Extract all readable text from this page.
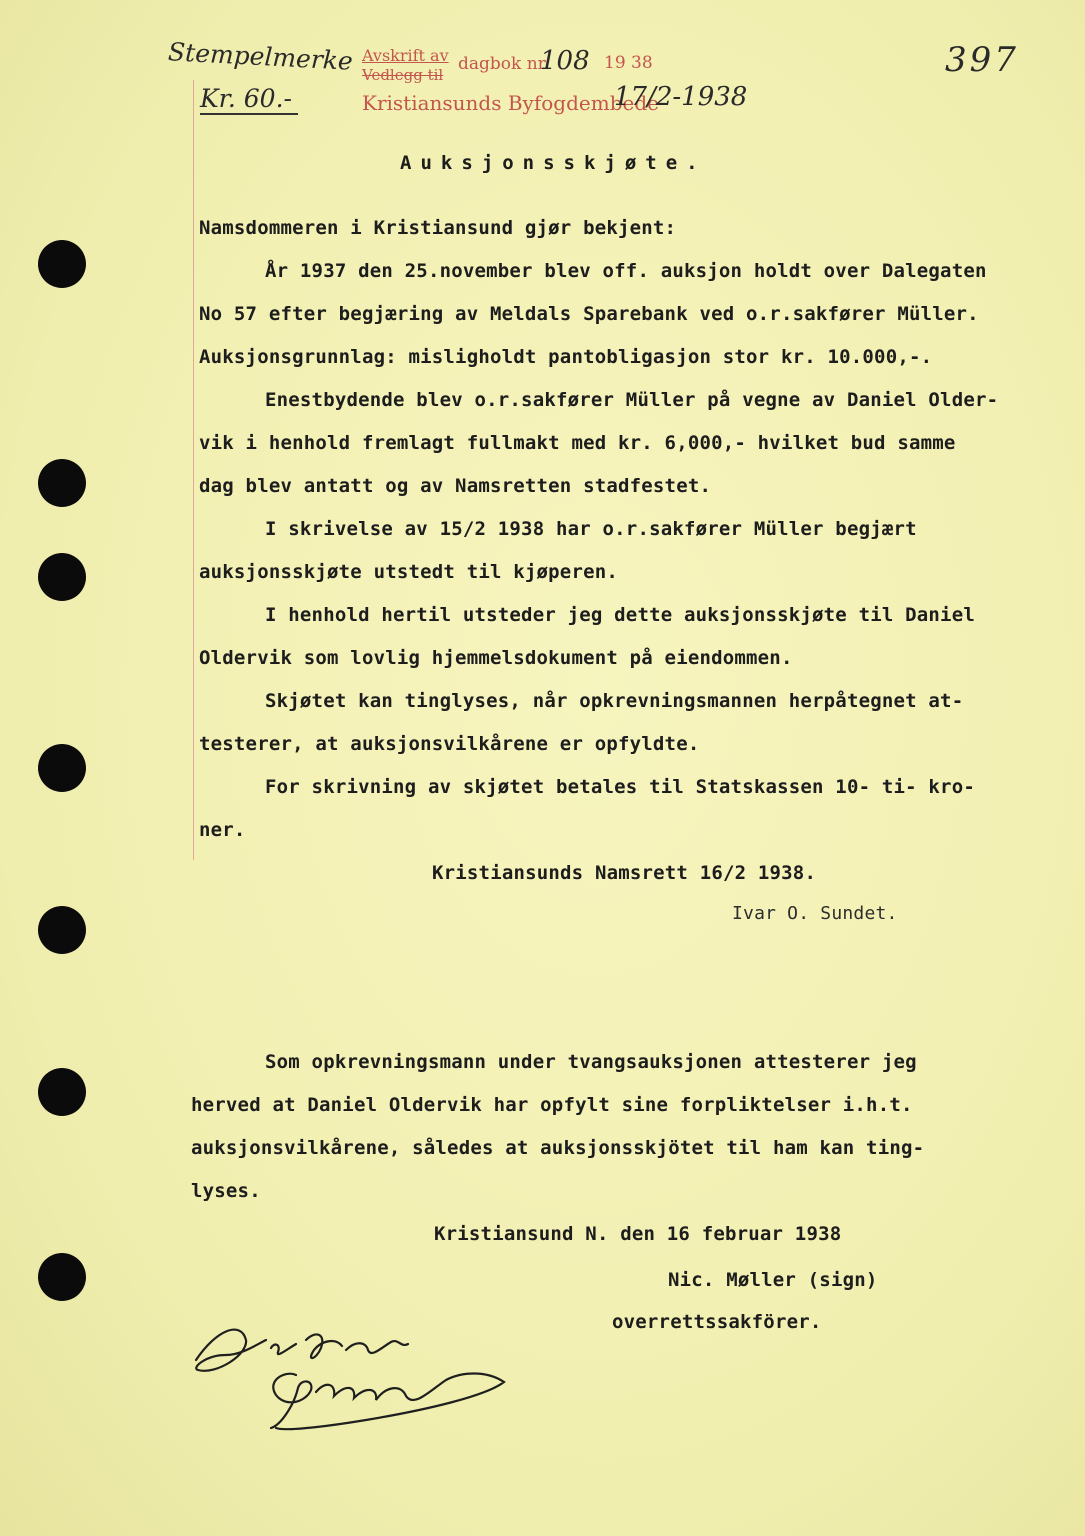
Stempelmerke
Kr. 60.-
Avskrift av
Vedlegg til
dagbok nr.
108 19 38
Kristiansunds Byfogdembede
17/2-1938
397
Auksjonsskjøte.
Namsdommeren i Kristiansund gjør bekjent:
År 1937 den 25.november blev off. auksjon holdt over Dalegaten
No 57 efter begjæring av Meldals Sparebank ved o.r.sakfører Müller.
Auksjonsgrunnlag: misligholdt pantobligasjon stor kr. 10.000,-.
Enestbydende blev o.r.sakfører Müller på vegne av Daniel Older-
vik i henhold fremlagt fullmakt med kr. 6,000,- hvilket bud samme
dag blev antatt og av Namsretten stadfestet.
I skrivelse av 15/2 1938 har o.r.sakfører Müller begjært
auksjonsskjøte utstedt til kjøperen.
I henhold hertil utsteder jeg dette auksjonsskjøte til Daniel
Oldervik som lovlig hjemmelsdokument på eiendommen.
Skjøtet kan tinglyses, når opkrevningsmannen herpåtegnet at-
testerer, at auksjonsvilkårene er opfyldte.
For skrivning av skjøtet betales til Statskassen 10- ti- kro-
ner.
Kristiansunds Namsrett 16/2 1938.
Ivar O. Sundet.
Som opkrevningsmann under tvangsauksjonen attesterer jeg
herved at Daniel Oldervik har opfylt sine forpliktelser i.h.t.
auksjonsvilkårene, således at auksjonsskjötet til ham kan ting-
lyses.
Kristiansund N. den 16 februar 1938
Nic. Møller (sign)
overrettssakförer.
